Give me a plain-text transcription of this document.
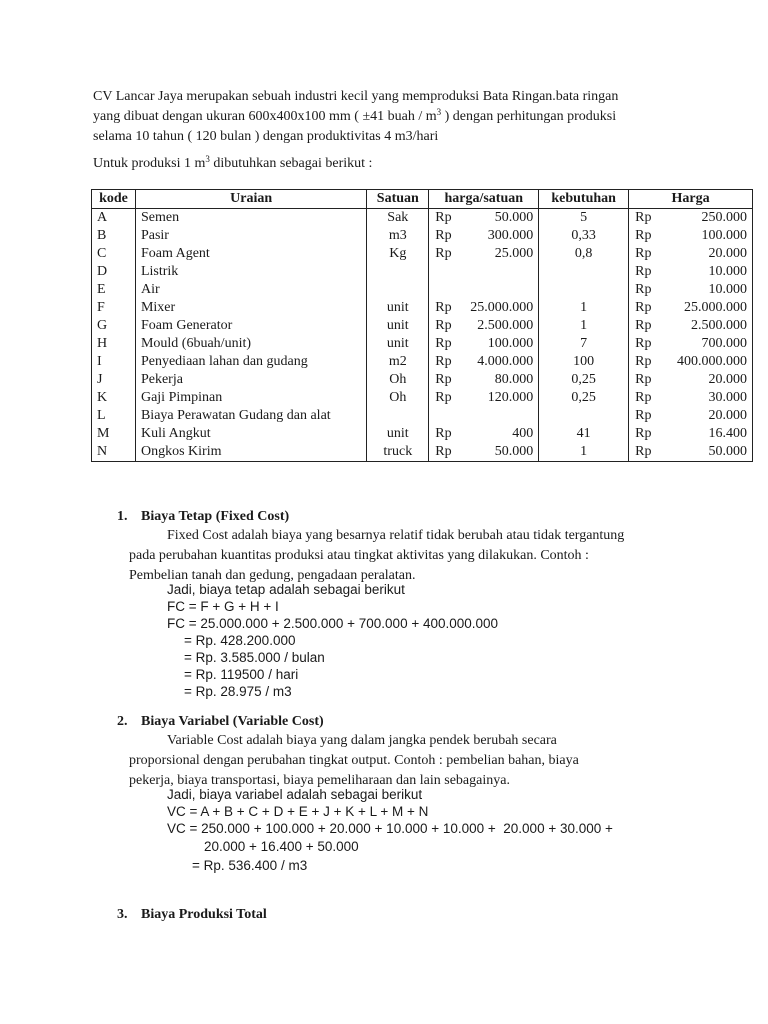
CV Lancar Jaya merupakan sebuah industri kecil yang memproduksi Bata Ringan.bata ringan
yang dibuat dengan ukuran 600x400x100 mm ( ±41 buah / $m^3$ ) dengan perhitungan produksi
selama 10 tahun ( 120 bulan ) dengan produktivitas 4 m3/hari
Untuk produksi 1 $m^3$ dibutuhkan sebagai berikut :
kode	Uraian	Satuan	harga/satuan	kebutuhan	Harga
A	Semen	Sak	Rp 50.000	5	Rp 250.000

B	Pasir	m3	Rp 300.000	0,33	Rp 100.000

C	Foam Agent	Kg	Rp 25.000	0,8	Rp 20.000

D	Listrik				Rp 10.000

E	Air				Rp 10.000

F	Mixer	unit	Rp 25.000.000	1	Rp 25.000.000

G	Foam Generator	unit	Rp 2.500.000	1	Rp 2.500.000

H	Mould (6buah/unit)	unit	Rp 100.000	7	Rp 700.000

I	Penyediaan lahan dan gudang	m2	Rp 4.000.000	100	Rp 400.000.000

J	Pekerja	Oh	Rp 80.000	0,25	Rp 20.000

K	Gaji Pimpinan	Oh	Rp 120.000	0,25	Rp 30.000

L	Biaya Perawatan Gudang dan alat				Rp 20.000

M	Kuli Angkut	unit	Rp 400	41	Rp 16.400

N	Ongkos Kirim	truck	Rp 50.000	1	Rp 50.000
1. Biaya Tetap (Fixed Cost)
Fixed Cost adalah biaya yang besarnya relatif tidak berubah atau tidak tergantung
pada perubahan kuantitas produksi atau tingkat aktivitas yang dilakukan. Contoh :
Pembelian tanah dan gedung, pengadaan peralatan.
Jadi, biaya tetap adalah sebagai berikut
FC = F + G + H + I
FC = 25.000.000 + 2.500.000 + 700.000 + 400.000.000
= Rp. 428.200.000
= Rp. 3.585.000 / bulan
= Rp. 119500 / hari
= Rp. 28.975 / m3
2. Biaya Variabel (Variable Cost)
Variable Cost adalah biaya yang dalam jangka pendek berubah secara
proporsional dengan perubahan tingkat output. Contoh : pembelian bahan, biaya
pekerja, biaya transportasi, biaya pemeliharaan dan lain sebagainya.
Jadi, biaya variabel adalah sebagai berikut
VC = A + B + C + D + E + J + K + L + M + N
VC = 250.000 + 100.000 + 20.000 + 10.000 + 10.000 +  20.000 + 30.000 +
20.000 + 16.400 + 50.000
= Rp. 536.400 / m3
3. Biaya Produksi Total
